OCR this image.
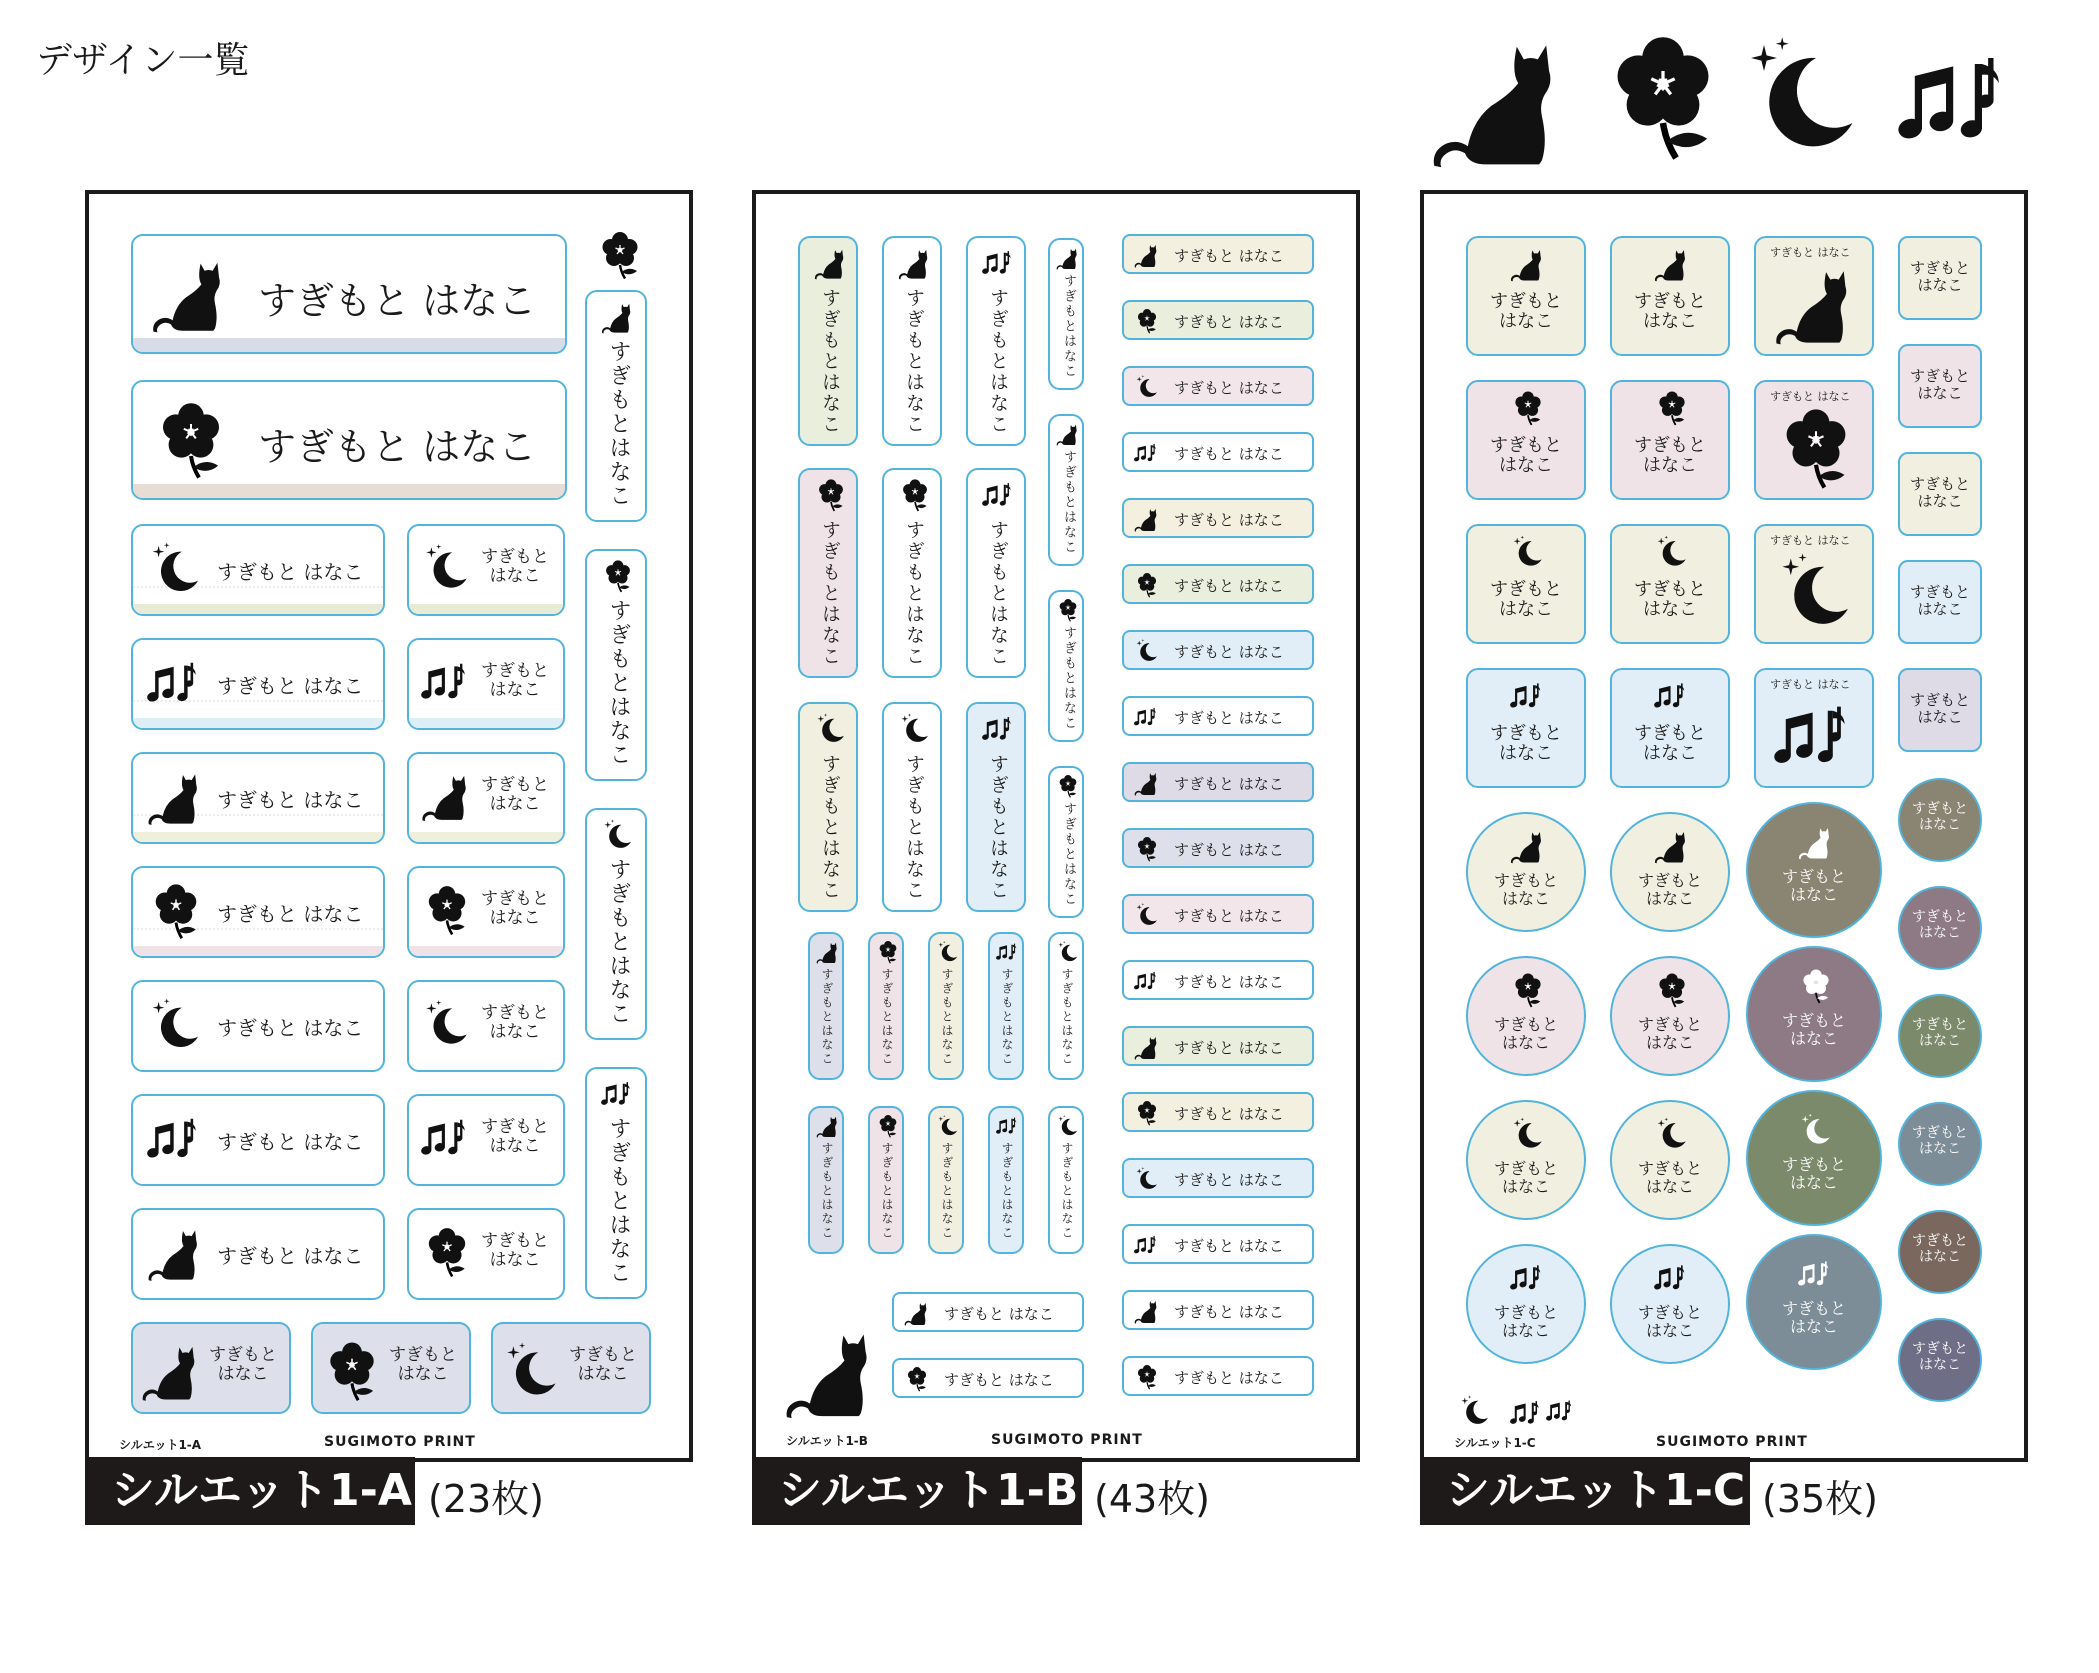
デザイン一覧
シルエット1-A	SUGIMOTO PRINT
すぎもと はなこ
すぎもと はなこ	すぎもとはなこ
すぎもとはなこ
すぎもとはなこ
すぎもとはなこ
すぎもと はなこ
すぎもと
はなこ
すぎもと はなこ
すぎもと
はなこ
すぎもと はなこ
すぎもと
はなこ
すぎもと はなこ
すぎもと
はなこ
すぎもと はなこ
すぎもと
はなこ
すぎもと はなこ
すぎもと
はなこ
すぎもと はなこ
すぎもと
はなこ
すぎもと
はなこ
すぎもと
はなこ
すぎもと
はなこ
シルエット1-B	SUGIMOTO PRINT
すぎもとはなこ
すぎもとはなこ
すぎもとはなこ
すぎもとはなこ
すぎもとはなこ
すぎもとはなこ
すぎもとはなこ
すぎもとはなこ
すぎもとはなこ
すぎもとはなこ
すぎもとはなこ
すぎもとはなこ
すぎもとはなこ
すぎもとはなこ	すぎもとはなこ	すぎもとはなこ	すぎもとはなこ	すぎもとはなこ
すぎもとはなこ	すぎもとはなこ	すぎもとはなこ	すぎもとはなこ	すぎもとはなこ
すぎもと はなこ
すぎもと はなこ
すぎもと はなこ
すぎもと はなこ
すぎもと はなこ
すぎもと はなこ
すぎもと はなこ
すぎもと はなこ
すぎもと はなこ
すぎもと はなこ
すぎもと はなこ
すぎもと はなこ
すぎもと はなこ
すぎもと はなこ
すぎもと はなこ
すぎもと はなこ
すぎもと はなこ
すぎもと はなこ
すぎもと はなこ
すぎもと はなこ
シルエット1-C	SUGIMOTO PRINT
すぎもと
はなこ
すぎもと
はなこ
すぎもと はなこ
すぎもと
はなこ
すぎもと
はなこ
すぎもと はなこ
すぎもと
はなこ
すぎもと
はなこ
すぎもと はなこ
すぎもと
はなこ
すぎもと
はなこ
すぎもと はなこ
すぎもと
はなこ
すぎもと
はなこ
すぎもと
はなこ
すぎもと
はなこ
すぎもと
はなこ
すぎもと
はなこ
すぎもと
はなこ
すぎもと
はなこ
すぎもと
はなこ
すぎもと
はなこ
すぎもと
はなこ
すぎもと
はなこ
すぎもと
はなこ
すぎもと
はなこ
すぎもと
はなこ
すぎもと
はなこ
すぎもと
はなこ
すぎもと
はなこ
すぎもと
はなこ
すぎもと
はなこ
すぎもと
はなこ
すぎもと
はなこ
すぎもと
はなこ
シルエット1-A (23枚)	シルエット1-B (43枚)	シルエット1-C (35枚)
